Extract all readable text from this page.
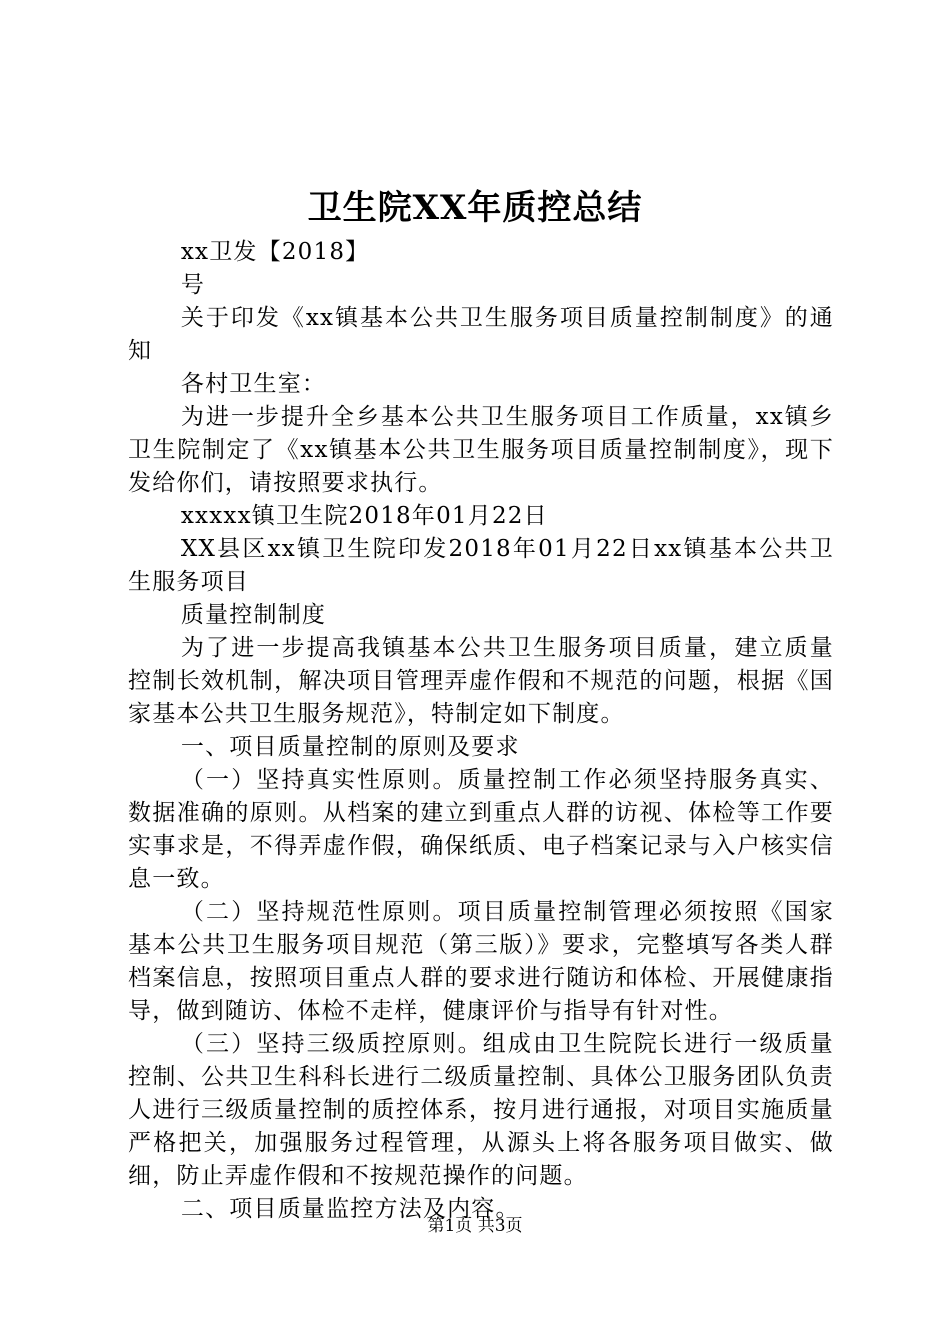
卫生院XX年质控总结

xx卫发【2018】

号

关于印发《xx镇基本公共卫生服务项目质量控制制度》的通知

各村卫生室：

为进一步提升全乡基本公共卫生服务项目工作质量，xx镇乡卫生院制定了《xx镇基本公共卫生服务项目质量控制制度》，现下发给你们，请按照要求执行。

xxxxx镇卫生院2018年01月22日

XX县区xx镇卫生院印发2018年01月22日xx镇基本公共卫生服务项目

质量控制制度

为了进一步提高我镇基本公共卫生服务项目质量，建立质量控制长效机制，解决项目管理弄虚作假和不规范的问题，根据《国家基本公共卫生服务规范》，特制定如下制度。

一、项目质量控制的原则及要求

（一）坚持真实性原则。质量控制工作必须坚持服务真实、数据准确的原则。从档案的建立到重点人群的访视、体检等工作要实事求是，不得弄虚作假，确保纸质、电子档案记录与入户核实信息一致。

（二）坚持规范性原则。项目质量控制管理必须按照《国家基本公共卫生服务项目规范（第三版）》要求，完整填写各类人群档案信息，按照项目重点人群的要求进行随访和体检、开展健康指导，做到随访、体检不走样，健康评价与指导有针对性。

（三）坚持三级质控原则。组成由卫生院院长进行一级质量控制、公共卫生科科长进行二级质量控制、具体公卫服务团队负责人进行三级质量控制的质控体系，按月进行通报，对项目实施质量严格把关，加强服务过程管理，从源头上将各服务项目做实、做细，防止弄虚作假和不按规范操作的问题。

二、项目质量监控方法及内容。

第1页 共3页
